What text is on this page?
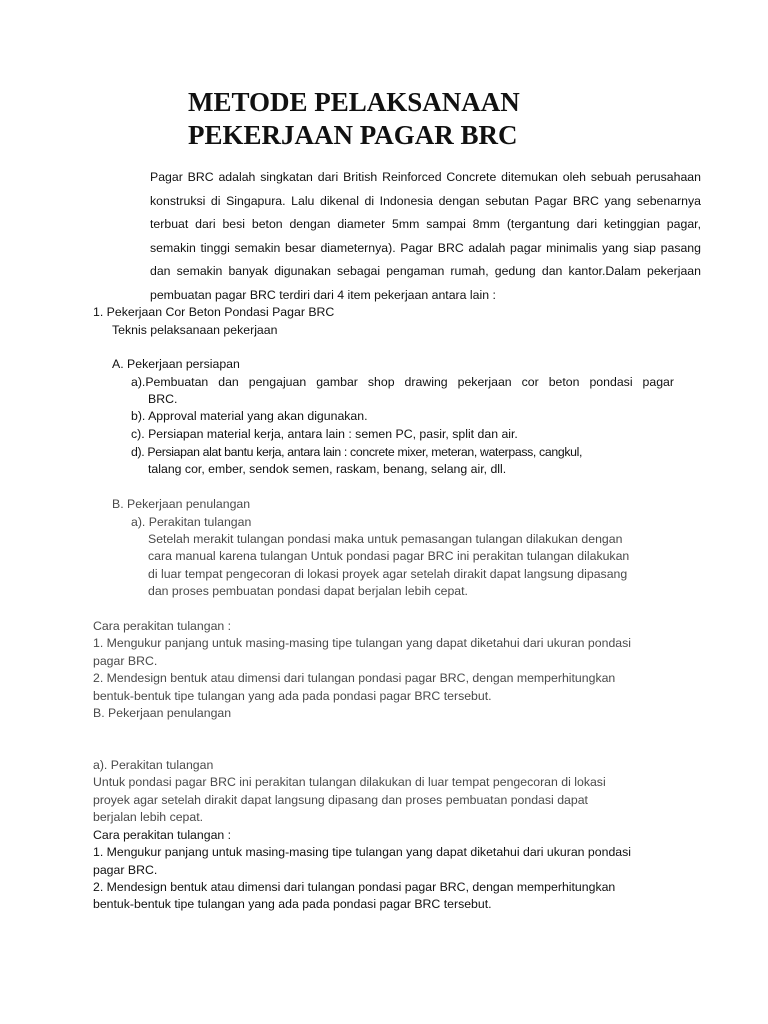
METODE PELAKSANAAN
PEKERJAAN PAGAR BRC

Pagar BRC adalah singkatan dari British Reinforced Concrete ditemukan oleh sebuah perusahaan konstruksi di Singapura. Lalu dikenal di Indonesia dengan sebutan Pagar BRC yang sebenarnya terbuat dari besi beton dengan diameter 5mm sampai 8mm (tergantung dari ketinggian pagar, semakin tinggi semakin besar diameternya). Pagar BRC adalah pagar minimalis yang siap pasang dan semakin banyak digunakan sebagai pengaman rumah, gedung dan kantor.Dalam pekerjaan pembuatan pagar BRC terdiri dari 4 item pekerjaan antara lain :

1. Pekerjaan Cor Beton Pondasi Pagar BRC

Teknis pelaksanaan pekerjaan

A. Pekerjaan persiapan

a).Pembuatan dan pengajuan gambar shop drawing pekerjaan cor beton pondasi pagar

BRC.

b). Approval material yang akan digunakan.

c). Persiapan material kerja, antara lain : semen PC, pasir, split dan air.

d). Persiapan alat bantu kerja, antara lain : concrete mixer, meteran, waterpass, cangkul,

talang cor, ember, sendok semen, raskam, benang, selang air, dll.

B. Pekerjaan penulangan

a). Perakitan tulangan

Setelah merakit tulangan pondasi maka untuk pemasangan tulangan dilakukan dengan

cara manual karena tulangan Untuk pondasi pagar BRC ini perakitan tulangan dilakukan

di luar tempat pengecoran di lokasi proyek agar setelah dirakit dapat langsung dipasang

dan proses pembuatan pondasi dapat berjalan lebih cepat.

Cara perakitan tulangan :

1. Mengukur panjang untuk masing-masing tipe tulangan yang dapat diketahui dari ukuran pondasi

pagar BRC.

2. Mendesign bentuk atau dimensi dari tulangan pondasi pagar BRC, dengan memperhitungkan

bentuk-bentuk tipe tulangan yang ada pada pondasi pagar BRC tersebut.

B. Pekerjaan penulangan

a). Perakitan tulangan

Untuk pondasi pagar BRC ini perakitan tulangan dilakukan di luar tempat pengecoran di lokasi

proyek agar setelah dirakit dapat langsung dipasang dan proses pembuatan pondasi dapat

berjalan lebih cepat.

Cara perakitan tulangan :

1. Mengukur panjang untuk masing-masing tipe tulangan yang dapat diketahui dari ukuran pondasi

pagar BRC.

2. Mendesign bentuk atau dimensi dari tulangan pondasi pagar BRC, dengan memperhitungkan

bentuk-bentuk tipe tulangan yang ada pada pondasi pagar BRC tersebut.
